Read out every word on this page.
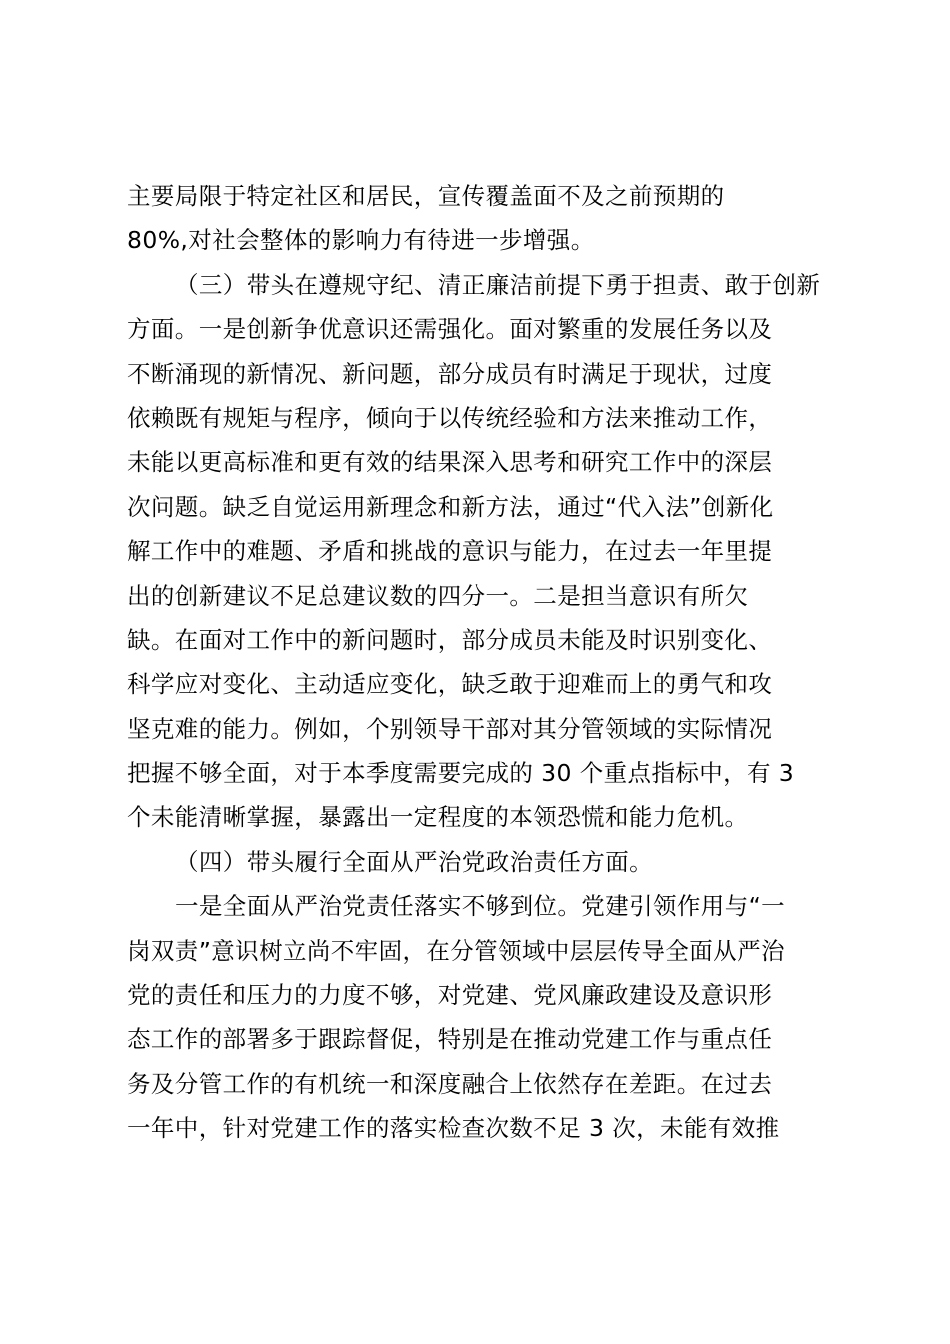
主要局限于特定社区和居民，宣传覆盖面不及之前预期的
80%,对社会整体的影响力有待进一步增强。
（三）带头在遵规守纪、清正廉洁前提下勇于担责、敢于创新
方面。一是创新争优意识还需强化。面对繁重的发展任务以及
不断涌现的新情况、新问题，部分成员有时满足于现状，过度
依赖既有规矩与程序，倾向于以传统经验和方法来推动工作，
未能以更高标准和更有效的结果深入思考和研究工作中的深层
次问题。缺乏自觉运用新理念和新方法，通过“代入法”创新化
解工作中的难题、矛盾和挑战的意识与能力，在过去一年里提
出的创新建议不足总建议数的四分一。二是担当意识有所欠
缺。在面对工作中的新问题时，部分成员未能及时识别变化、
科学应对变化、主动适应变化，缺乏敢于迎难而上的勇气和攻
坚克难的能力。例如，个别领导干部对其分管领域的实际情况
把握不够全面，对于本季度需要完成的 30 个重点指标中，有 3
个未能清晰掌握，暴露出一定程度的本领恐慌和能力危机。
（四）带头履行全面从严治党政治责任方面。
一是全面从严治党责任落实不够到位。党建引领作用与“一
岗双责”意识树立尚不牢固，在分管领域中层层传导全面从严治
党的责任和压力的力度不够，对党建、党风廉政建设及意识形
态工作的部署多于跟踪督促，特别是在推动党建工作与重点任
务及分管工作的有机统一和深度融合上依然存在差距。在过去
一年中，针对党建工作的落实检查次数不足 3 次，未能有效推
